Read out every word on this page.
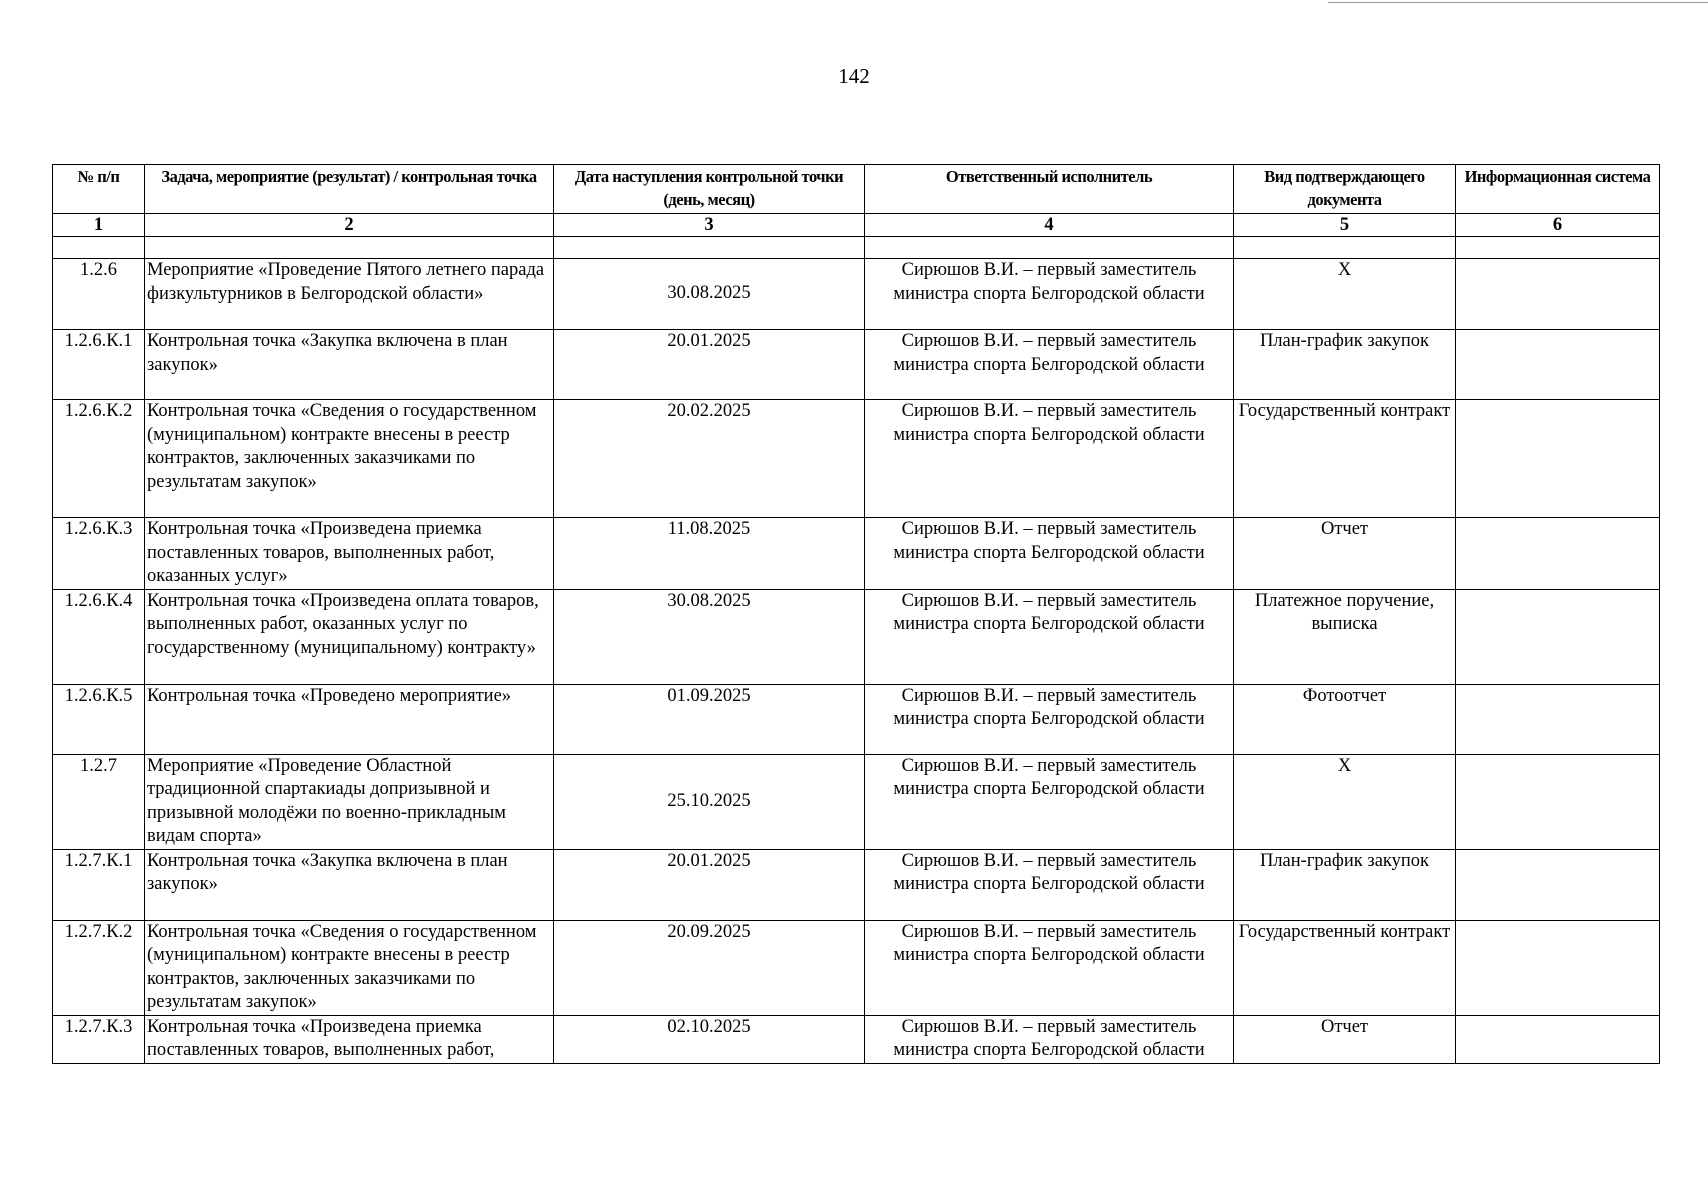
142
№ п/п	Задача, мероприятие (результат) / контрольная точка	Дата наступления контрольной точки (день, месяц)	Ответственный исполнитель	Вид подтверждающего документа	Информационная система
1	2	3	4	5	6

1.2.6	Мероприятие «Проведение Пятого летнего парада физкультурников в Белгородской области»	30.08.2025	Сирюшов В.И. – первый заместитель министра спорта Белгородской области	X	
1.2.6.К.1	Контрольная точка «Закупка включена в план закупок»	20.01.2025	Сирюшов В.И. – первый заместитель министра спорта Белгородской области	План-график закупок	
1.2.6.К.2	Контрольная точка «Сведения о государственном (муниципальном) контракте внесены в реестр контрактов, заключенных заказчиками по результатам закупок»	20.02.2025	Сирюшов В.И. – первый заместитель министра спорта Белгородской области	Государственный контракт	
1.2.6.К.3	Контрольная точка «Произведена приемка поставленных товаров, выполненных работ, оказанных услуг»	11.08.2025	Сирюшов В.И. – первый заместитель министра спорта Белгородской области	Отчет	
1.2.6.К.4	Контрольная точка «Произведена оплата товаров, выполненных работ, оказанных услуг по государственному (муниципальному) контракту»	30.08.2025	Сирюшов В.И. – первый заместитель министра спорта Белгородской области	Платежное поручение, выписка	
1.2.6.К.5	Контрольная точка «Проведено мероприятие»	01.09.2025	Сирюшов В.И. – первый заместитель министра спорта Белгородской области	Фотоотчет	
1.2.7	Мероприятие «Проведение Областной традиционной спартакиады допризывной и призывной молодёжи по военно-прикладным видам спорта»	25.10.2025	Сирюшов В.И. – первый заместитель министра спорта Белгородской области	X	
1.2.7.К.1	Контрольная точка «Закупка включена в план закупок»	20.01.2025	Сирюшов В.И. – первый заместитель министра спорта Белгородской области	План-график закупок	
1.2.7.К.2	Контрольная точка «Сведения о государственном (муниципальном) контракте внесены в реестр контрактов, заключенных заказчиками по результатам закупок»	20.09.2025	Сирюшов В.И. – первый заместитель министра спорта Белгородской области	Государственный контракт	
1.2.7.К.3	Контрольная точка «Произведена приемка поставленных товаров, выполненных работ,	02.10.2025	Сирюшов В.И. – первый заместитель министра спорта Белгородской области	Отчет	
